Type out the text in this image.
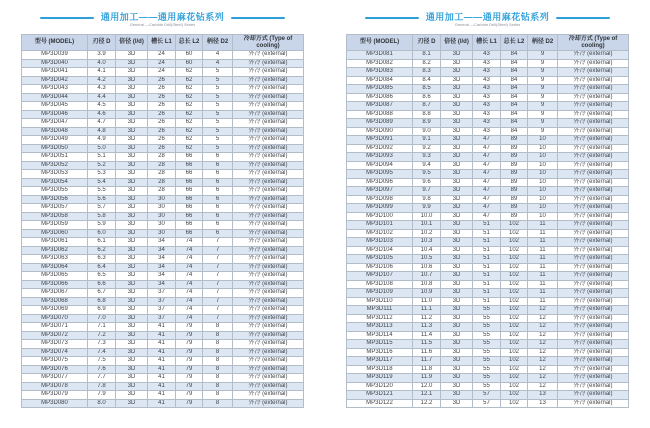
通用加工——通用麻花钻系列
General —Carbide Drill(Steel) Series
型号 (MODEL)	刃径 D	倍径 (l/d)	槽长 L1	总长 L2	柄径 D2	冷却方式 (Type of cooling)
MP3D039	3.9	3D	24	60	4	外冷 (external)
MP3D040	4.0	3D	24	60	4	外冷 (external)
MP3D041	4.1	3D	24	62	5	外冷 (external)
MP3D042	4.2	3D	26	62	5	外冷 (external)
MP3D043	4.3	3D	26	62	5	外冷 (external)
MP3D044	4.4	3D	26	62	5	外冷 (external)
MP3D045	4.5	3D	26	62	5	外冷 (external)
MP3D046	4.6	3D	26	62	5	外冷 (external)
MP3D047	4.7	3D	26	62	5	外冷 (external)
MP3D048	4.8	3D	26	62	5	外冷 (external)
MP3D049	4.9	3D	26	62	5	外冷 (external)
MP3D050	5.0	3D	26	62	5	外冷 (external)
MP3D051	5.1	3D	28	66	6	外冷 (external)
MP3D052	5.2	3D	28	66	6	外冷 (external)
MP3D053	5.3	3D	28	66	6	外冷 (external)
MP3D054	5.4	3D	28	66	6	外冷 (external)
MP3D055	5.5	3D	28	66	6	外冷 (external)
MP3D056	5.6	3D	30	66	6	外冷 (external)
MP3D057	5.7	3D	30	66	6	外冷 (external)
MP3D058	5.8	3D	30	66	6	外冷 (external)
MP3D059	5.9	3D	30	66	6	外冷 (external)
MP3D060	6.0	3D	30	66	6	外冷 (external)
MP3D061	6.1	3D	34	74	7	外冷 (external)
MP3D062	6.2	3D	34	74	7	外冷 (external)
MP3D063	6.3	3D	34	74	7	外冷 (external)
MP3D064	6.4	3D	34	74	7	外冷 (external)
MP3D065	6.5	3D	34	74	7	外冷 (external)
MP3D066	6.6	3D	34	74	7	外冷 (external)
MP3D067	6.7	3D	37	74	7	外冷 (external)
MP3D068	6.8	3D	37	74	7	外冷 (external)
MP3D069	6.9	3D	37	74	7	外冷 (external)
MP3D070	7.0	3D	37	74	7	外冷 (external)
MP3D071	7.1	3D	41	79	8	外冷 (external)
MP3D072	7.2	3D	41	79	8	外冷 (external)
MP3D073	7.3	3D	41	79	8	外冷 (external)
MP3D074	7.4	3D	41	79	8	外冷 (external)
MP3D075	7.5	3D	41	79	8	外冷 (external)
MP3D076	7.6	3D	41	79	8	外冷 (external)
MP3D077	7.7	3D	41	79	8	外冷 (external)
MP3D078	7.8	3D	41	79	8	外冷 (external)
MP3D079	7.9	3D	41	79	8	外冷 (external)
MP3D080	8.0	3D	41	79	8	外冷 (external)
通用加工——通用麻花钻系列
General —Carbide Drill(Steel) Series
型号 (MODEL)	刃径 D	倍径 (l/d)	槽长 L1	总长 L2	柄径 D2	冷却方式 (Type of cooling)
MP3D081	8.1	3D	43	84	9	外冷 (external)
MP3D082	8.2	3D	43	84	9	外冷 (external)
MP3D083	8.3	3D	43	84	9	外冷 (external)
MP3D084	8.4	3D	43	84	9	外冷 (external)
MP3D085	8.5	3D	43	84	9	外冷 (external)
MP3D086	8.6	3D	43	84	9	外冷 (external)
MP3D087	8.7	3D	43	84	9	外冷 (external)
MP3D088	8.8	3D	43	84	9	外冷 (external)
MP3D089	8.9	3D	43	84	9	外冷 (external)
MP3D090	9.0	3D	43	84	9	外冷 (external)
MP3D091	9.1	3D	47	89	10	外冷 (external)
MP3D092	9.2	3D	47	89	10	外冷 (external)
MP3D093	9.3	3D	47	89	10	外冷 (external)
MP3D094	9.4	3D	47	89	10	外冷 (external)
MP3D095	9.5	3D	47	89	10	外冷 (external)
MP3D096	9.6	3D	47	89	10	外冷 (external)
MP3D097	9.7	3D	47	89	10	外冷 (external)
MP3D098	9.8	3D	47	89	10	外冷 (external)
MP3D099	9.9	3D	47	89	10	外冷 (external)
MP3D100	10.0	3D	47	89	10	外冷 (external)
MP3D101	10.1	3D	51	102	11	外冷 (external)
MP3D102	10.2	3D	51	102	11	外冷 (external)
MP3D103	10.3	3D	51	102	11	外冷 (external)
MP3D104	10.4	3D	51	102	11	外冷 (external)
MP3D105	10.5	3D	51	102	11	外冷 (external)
MP3D106	10.6	3D	51	102	11	外冷 (external)
MP3D107	10.7	3D	51	102	11	外冷 (external)
MP3D108	10.8	3D	51	102	11	外冷 (external)
MP3D109	10.9	3D	51	102	11	外冷 (external)
MP3D110	11.0	3D	51	102	11	外冷 (external)
MP3D111	11.1	3D	55	102	12	外冷 (external)
MP3D112	11.2	3D	55	102	12	外冷 (external)
MP3D113	11.3	3D	55	102	12	外冷 (external)
MP3D114	11.4	3D	55	102	12	外冷 (external)
MP3D115	11.5	3D	55	102	12	外冷 (external)
MP3D116	11.6	3D	55	102	12	外冷 (external)
MP3D117	11.7	3D	55	102	12	外冷 (external)
MP3D118	11.8	3D	55	102	12	外冷 (external)
MP3D119	11.9	3D	55	102	12	外冷 (external)
MP3D120	12.0	3D	55	102	12	外冷 (external)
MP3D121	12.1	3D	57	102	13	外冷 (external)
MP3D122	12.2	3D	57	102	13	外冷 (external)
